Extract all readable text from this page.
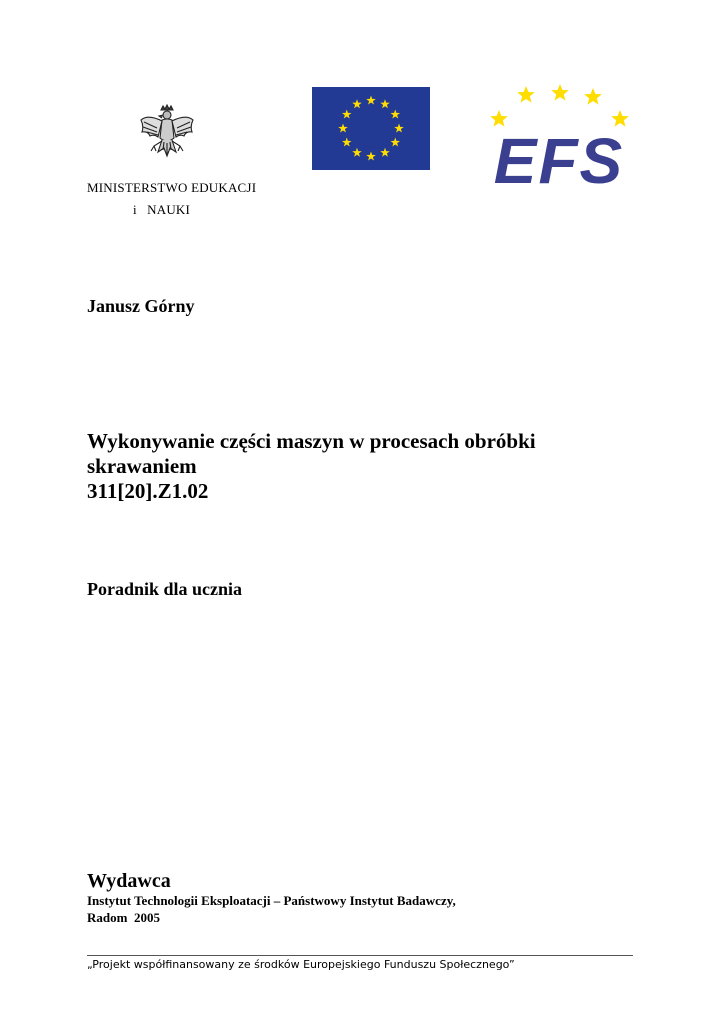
EFS
MINISTERSTWO EDUKACJI
i   NAUKI
Janusz Górny
Wykonywanie części maszyn w procesach obróbki
skrawaniem
311[20].Z1.02
Poradnik dla ucznia
Wydawca
Instytut Technologii Eksploatacji – Państwowy Instytut Badawczy,
Radom  2005
„Projekt współfinansowany ze środków Europejskiego Funduszu Społecznego”
